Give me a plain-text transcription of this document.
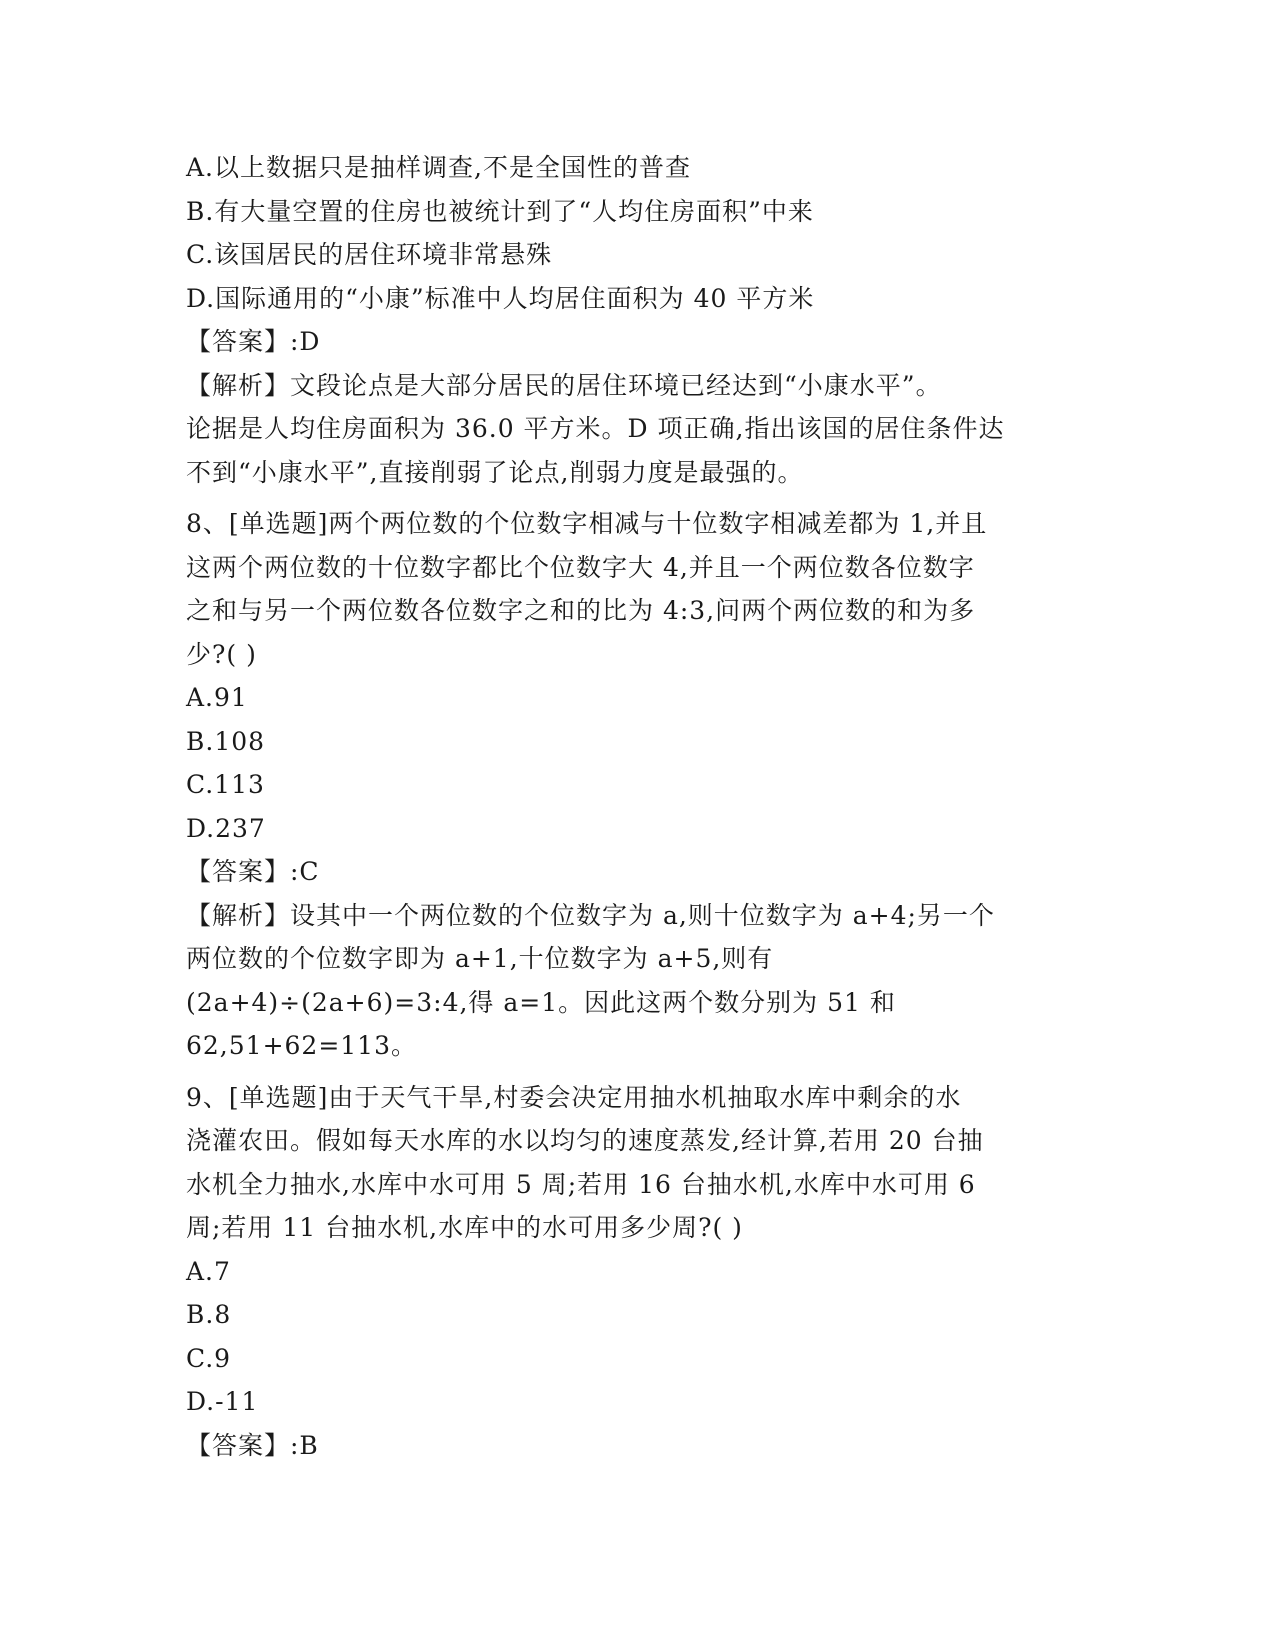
A.以上数据只是抽样调查,不是全国性的普查
B.有大量空置的住房也被统计到了“人均住房面积”中来
C.该国居民的居住环境非常悬殊
D.国际通用的“小康”标准中人均居住面积为 40 平方米
【答案】:D
【解析】文段论点是大部分居民的居住环境已经达到“小康水平”。
论据是人均住房面积为 36.0 平方米。D 项正确,指出该国的居住条件达
不到“小康水平”,直接削弱了论点,削弱力度是最强的。
8、[单选题]两个两位数的个位数字相减与十位数字相减差都为 1,并且
这两个两位数的十位数字都比个位数字大 4,并且一个两位数各位数字
之和与另一个两位数各位数字之和的比为 4:3,问两个两位数的和为多
少?( )
A.91
B.108
C.113
D.237
【答案】:C
【解析】设其中一个两位数的个位数字为 a,则十位数字为 a+4;另一个
两位数的个位数字即为 a+1,十位数字为 a+5,则有
(2a+4)÷(2a+6)=3:4,得 a=1。因此这两个数分别为 51 和
62,51+62=113。
9、[单选题]由于天气干旱,村委会决定用抽水机抽取水库中剩余的水
浇灌农田。假如每天水库的水以均匀的速度蒸发,经计算,若用 20 台抽
水机全力抽水,水库中水可用 5 周;若用 16 台抽水机,水库中水可用 6
周;若用 11 台抽水机,水库中的水可用多少周?( )
A.7
B.8
C.9
D.-11
【答案】:B
